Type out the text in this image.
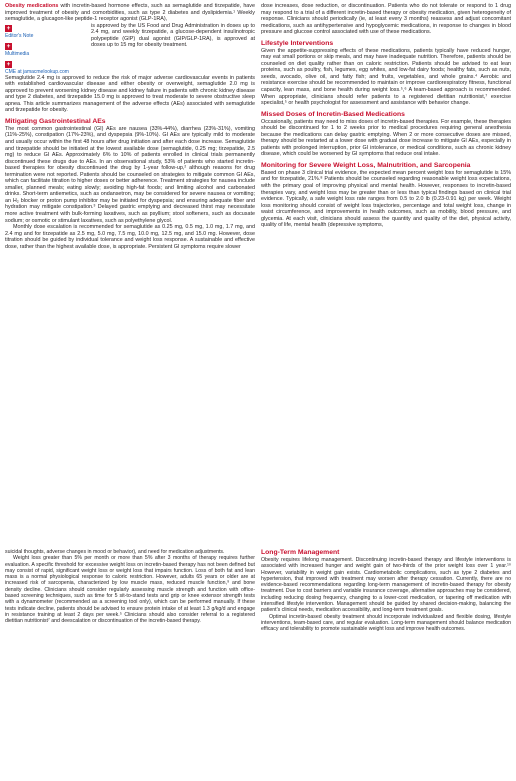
Obesity medications with incretin-based hormone effects, such as semaglutide and tirzepatide, have improved treatment of obesity and comorbidities, such as type 2 diabetes and dyslipidemia.¹ Weekly semaglutide, a glucagon-like peptide-1 receptor agonist (GLP-1RA),

+
Editor's Note
+
Multimedia
+
CME at jamacmelookup.com

is approved by the US Food and Drug Administration in doses up to 2.4 mg, and weekly tirzepatide, a glucose-dependent insulinotropic polypeptide (GIP) dual agonist (GIP/GLP-1RA), is approved at doses up to 15 mg for obesity treatment.

Semaglutide 2.4 mg is approved to reduce the risk of major adverse cardiovascular events in patients with established cardiovascular disease and either obesity or overweight, semaglutide 2.0 mg is approved to prevent worsening kidney disease and kidney failure in patients with chronic kidney disease and type 2 diabetes, and tirzepatide 15.0 mg is approved to treat moderate to severe obstructive sleep apnea. This article summarizes management of the adverse effects (AEs) associated with semaglutide and tirzepatide for obesity.

Mitigating Gastrointestinal AEs

The most common gastrointestinal (GI) AEs are nausea (33%-44%), diarrhea (23%-31%), vomiting (11%-25%), constipation (17%-23%), and dyspepsia (9%-10%). GI AEs are typically mild to moderate and usually occur within the first 48 hours after drug initiation and after each dose increase. Semaglutide and tirzepatide should be initiated at the lowest available dose (semaglutide, 0.25 mg; tirzepatide, 2.5 mg) to reduce GI AEs. Approximately 6% to 10% of patients enrolled in clinical trials permanently discontinued these drugs due to AEs. In an observational study, 53% of patients who started incretin-based therapies for obesity discontinued the drug by 1-year follow-up,² although reasons for drug termination were not reported. Patients should be counseled on strategies to mitigate common GI AEs, which can facilitate titration to higher doses or better adherence. Treatment strategies for nausea include smaller, planned meals; eating slowly; avoiding high-fat foods; and limiting alcohol and carbonated drinks. Short-term antiemetics, such as ondansetron, may be considered for severe nausea or vomiting; an H₂ blocker or proton pump inhibitor may be initiated for dyspepsia; and ensuring adequate fiber and hydration may mitigate constipation.³ Delayed gastric emptying and decreased thirst may necessitate more active treatment with bulk-forming laxatives, such as psyllium; stool softeners, such as docusate sodium; or osmotic or stimulant laxatives, such as polyethylene glycol.

Monthly dose escalation is recommended for semaglutide as 0.25 mg, 0.5 mg, 1.0 mg, 1.7 mg, and 2.4 mg and for tirzepatide as 2.5 mg, 5.0 mg, 7.5 mg, 10.0 mg, 12.5 mg, and 15.0 mg. However, dose titration should be guided by individual tolerance and weight loss response. A sustainable and effective dose, rather than the highest available dose, is appropriate. Persistent GI symptoms require slower

dose increases, dose reduction, or discontinuation. Patients who do not tolerate or respond to 1 drug may respond to a trial of a different incretin-based therapy or obesity medication, given heterogeneity of response. Clinicians should periodically (ie, at least every 3 months) reassess and adjust concomitant medications, such as antihypertensive and hypoglycemic medications, in response to changes in blood pressure and glucose control associated with use of these medications.

Lifestyle Interventions

Given the appetite-suppressing effects of these medications, patients typically have reduced hunger, may eat small portions or skip meals, and may have inadequate nutrition. Therefore, patients should be counseled on diet quality rather than on caloric restriction. Patients should be advised to eat lean proteins, such as poultry, fish, legumes, egg whites, and low-fat dairy foods; healthy fats, such as nuts, seeds, avocado, olive oil, and fatty fish; and fruits, vegetables, and whole grains.⁴ Aerobic and resistance exercise should be recommended to maintain or improve cardiorespiratory fitness, functional capacity, lean mass, and bone health during weight loss.⁵,⁶ A team-based approach is recommended. When appropriate, clinicians should refer patients to a registered dietitian nutritionist,⁷ exercise specialist,⁵ or health psychologist for assessment and assistance with behavior change.

Missed Doses of Incretin-Based Medications

Occasionally, patients may need to miss doses of incretin-based therapies. For example, these therapies should be discontinued for 1 to 2 weeks prior to medical procedures requiring general anesthesia because the medications can delay gastric emptying. When 2 or more consecutive doses are missed, therapy should be restarted at a lower dose with gradual dose increase to mitigate GI AEs, especially in patients with prolonged interruption, prior GI intolerance, or medical conditions, such as chronic kidney disease, which could be worsened by GI symptoms that reduce oral intake.

Monitoring for Severe Weight Loss, Malnutrition, and Sarcopenia

Based on phase 3 clinical trial evidence, the expected mean percent weight loss for semaglutide is 15% and for tirzepatide, 21%.⁸ Patients should be counseled regarding reasonable weight loss expectations, with the primary goal of improving physical and mental health. However, responses to incretin-based therapies vary, and weight loss may be greater than or less than typical findings based on clinical trial evidence. Typically, a safe weight loss rate ranges from 0.5 to 2.0 lb (0.23-0.91 kg) per week. Weight loss monitoring should consist of weight loss trajectories, percentage and total weight loss, change in waist circumference, and improvements in health outcomes, such as mobility, blood pressure, and glycemia. At each visit, clinicians should assess the quantity and quality of the diet, physical activity, quality of life, mental health (depressive symptoms,

suicidal thoughts, adverse changes in mood or behavior), and need for medication adjustments.

Weight loss greater than 5% per month or more than 5% after 3 months of therapy requires further evaluation. A specific threshold for excessive weight loss on incretin-based therapy has not been defined but may consist of rapid, significant weight loss or weight loss that impairs function. Loss of both fat and lean mass is a normal physiological response to caloric restriction. However, adults 65 years or older are at increased risk of sarcopenia, characterized by low muscle mass, reduced muscle function,⁹ and bone density decline. Clinicians should consider regularly assessing muscle strength and function with office-based screening techniques, such as time for 5 sit-to-stand tests and grip or knee extensor strength tests with a dynamometer (recommended as a screening tool only), which can be performed manually. If these tests indicate decline, patients should be advised to ensure protein intake of at least 1.3 g/kg/d and engage in resistance training at least 2 days per week.⁵ Clinicians should also consider referral to a registered dietitian nutritionist⁷ and deescalation or discontinuation of the incretin-based therapy.

Long-Term Management

Obesity requires lifelong management. Discontinuing incretin-based therapy and lifestyle interventions is associated with increased hunger and weight gain of two-thirds of the prior weight loss over 1 year.¹⁰ However, variability in weight gain exists. Cardiometabolic complications, such as type 2 diabetes and hypertension, that improved with treatment may worsen after therapy cessation. Currently, there are no evidence-based recommendations regarding long-term management of incretin-based therapy for obesity treatment. Due to cost barriers and variable insurance coverage, alternative approaches may be considered, including reducing dosing frequency, changing to a lower-cost medication, or tapering off medication with intensified lifestyle intervention. Management should be guided by shared decision-making, balancing the patient's clinical needs, medication accessibility, and long-term treatment goals.

Optimal incretin-based obesity treatment should incorporate individualized and flexible dosing, lifestyle interventions, team-based care, and regular evaluation. Long-term management should balance medication efficacy and tolerability to promote sustainable weight loss and improve health outcomes.
